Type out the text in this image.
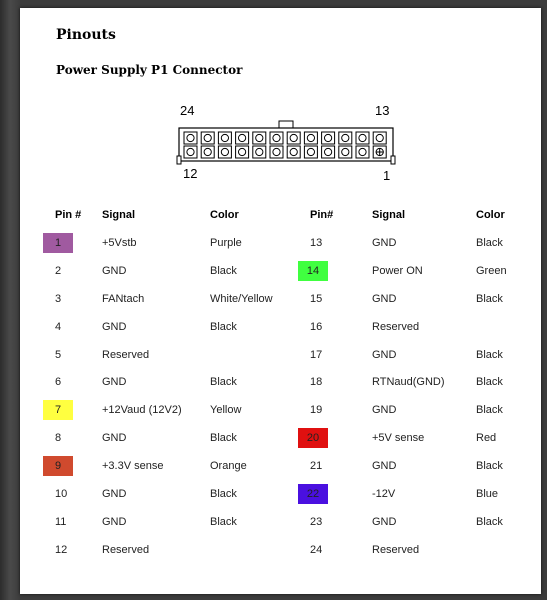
Pinouts
Power Supply P1 Connector
24	13
12	1
Pin #	Signal	Color	Pin#	Signal	Color
1	+5Vstb	Purple	13	GND	Black
2	GND	Black	14	Power ON	Green
3	FANtach	White/Yellow	15	GND	Black
4	GND	Black	16	Reserved	
5	Reserved		17	GND	Black
6	GND	Black	18	RTNaud(GND)	Black
7	+12Vaud (12V2)	Yellow	19	GND	Black
8	GND	Black	20	+5V sense	Red
9	+3.3V sense	Orange	21	GND	Black
10	GND	Black	22	-12V	Blue
11	GND	Black	23	GND	Black
12	Reserved		24	Reserved	
